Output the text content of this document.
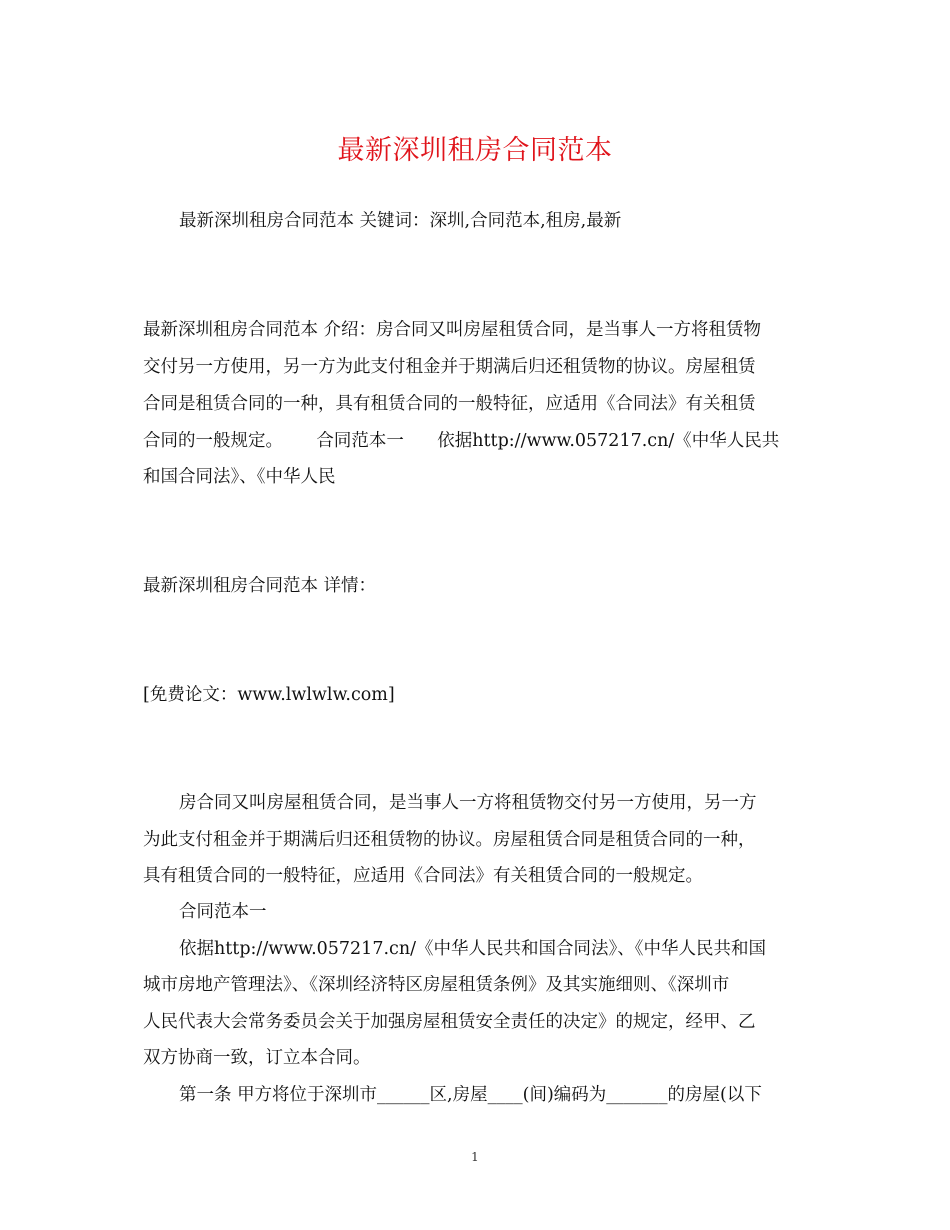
最新深圳租房合同范本

最新深圳租房合同范本 关键词：深圳,合同范本,租房,最新

最新深圳租房合同范本 介绍：房合同又叫房屋租赁合同，是当事人一方将租赁物

交付另一方使用，另一方为此支付租金并于期满后归还租赁物的协议。房屋租赁

合同是租赁合同的一种，具有租赁合同的一般特征，应适用《合同法》有关租赁

合同的一般规定。      合同范本一      依据http://www.057217.cn/《中华人民共

和国合同法》、《中华人民

最新深圳租房合同范本 详情：

[免费论文：www.lwlwlw.com]

房合同又叫房屋租赁合同，是当事人一方将租赁物交付另一方使用，另一方

为此支付租金并于期满后归还租赁物的协议。房屋租赁合同是租赁合同的一种，

具有租赁合同的一般特征，应适用《合同法》有关租赁合同的一般规定。

合同范本一

依据http://www.057217.cn/《中华人民共和国合同法》、《中华人民共和国

城市房地产管理法》、《深圳经济特区房屋租赁条例》及其实施细则、《深圳市

人民代表大会常务委员会关于加强房屋租赁安全责任的决定》的规定，经甲、乙

双方协商一致，订立本合同。

第一条 甲方将位于深圳市______区,房屋____(间)编码为_______的房屋(以下

1
